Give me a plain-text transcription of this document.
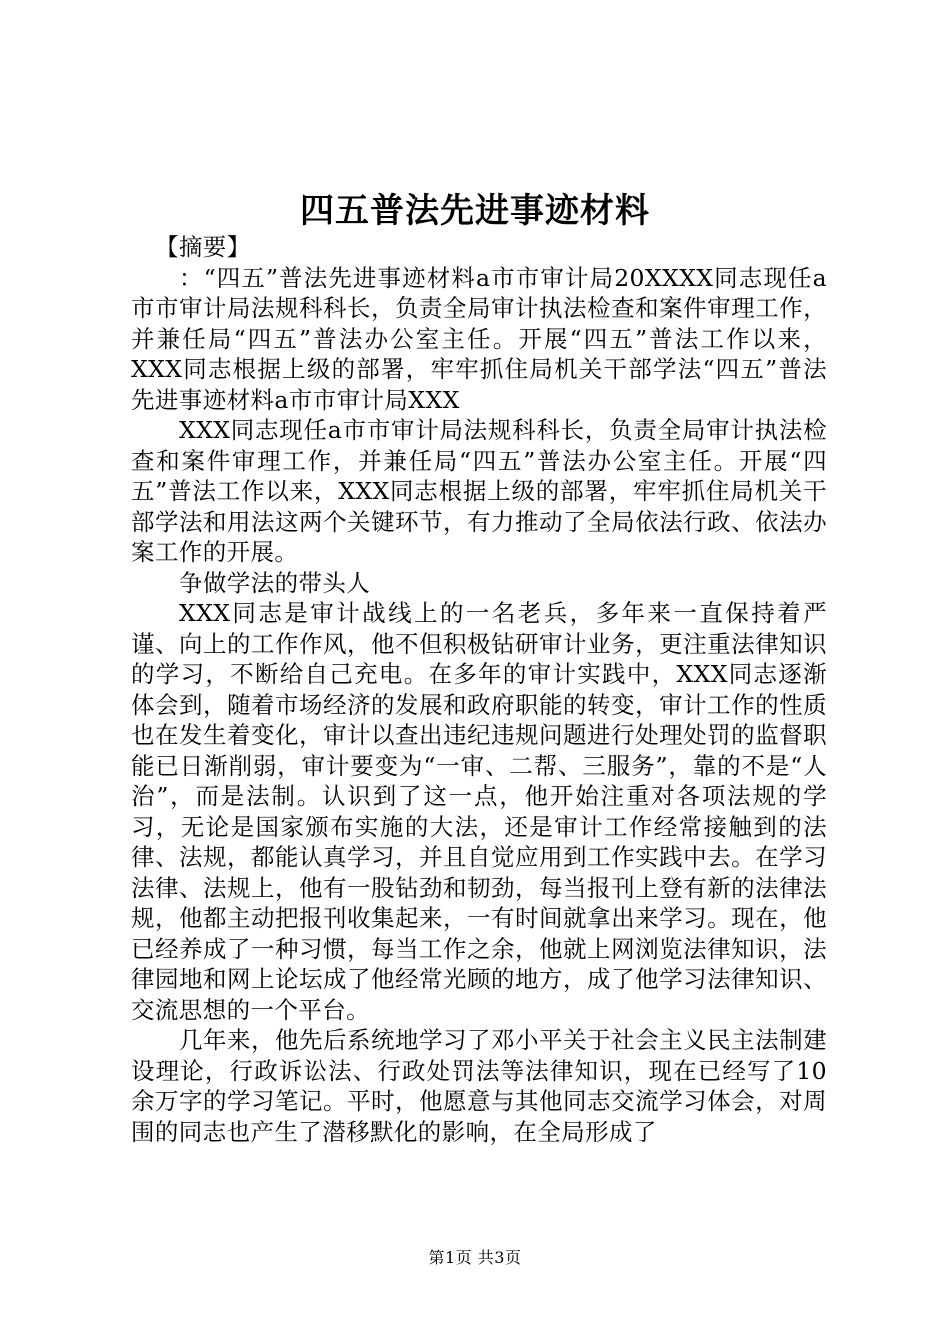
四五普法先进事迹材料

【摘要】

：“四五”普法先进事迹材料a市市审计局20XXXX同志现任a市市审计局法规科科长，负责全局审计执法检查和案件审理工作，并兼任局“四五”普法办公室主任。开展“四五”普法工作以来，XXX同志根据上级的部署，牢牢抓住局机关干部学法“四五”普法先进事迹材料a市市审计局XXX

XXX同志现任a市市审计局法规科科长，负责全局审计执法检查和案件审理工作，并兼任局“四五”普法办公室主任。开展“四五”普法工作以来，XXX同志根据上级的部署，牢牢抓住局机关干部学法和用法这两个关键环节，有力推动了全局依法行政、依法办案工作的开展。

争做学法的带头人

XXX同志是审计战线上的一名老兵，多年来一直保持着严谨、向上的工作作风，他不但积极钻研审计业务，更注重法律知识的学习，不断给自己充电。在多年的审计实践中，XXX同志逐渐体会到，随着市场经济的发展和政府职能的转变，审计工作的性质也在发生着变化，审计以查出违纪违规问题进行处理处罚的监督职能已日渐削弱，审计要变为“一审、二帮、三服务”，靠的不是“人治”，而是法制。认识到了这一点，他开始注重对各项法规的学习，无论是国家颁布实施的大法，还是审计工作经常接触到的法律、法规，都能认真学习，并且自觉应用到工作实践中去。在学习法律、法规上，他有一股钻劲和韧劲，每当报刊上登有新的法律法规，他都主动把报刊收集起来，一有时间就拿出来学习。现在，他已经养成了一种习惯，每当工作之余，他就上网浏览法律知识，法律园地和网上论坛成了他经常光顾的地方，成了他学习法律知识、交流思想的一个平台。

几年来，他先后系统地学习了邓小平关于社会主义民主法制建设理论，行政诉讼法、行政处罚法等法律知识，现在已经写了10余万字的学习笔记。平时，他愿意与其他同志交流学习体会，对周围的同志也产生了潜移默化的影响，在全局形成了

第1页 共3页
